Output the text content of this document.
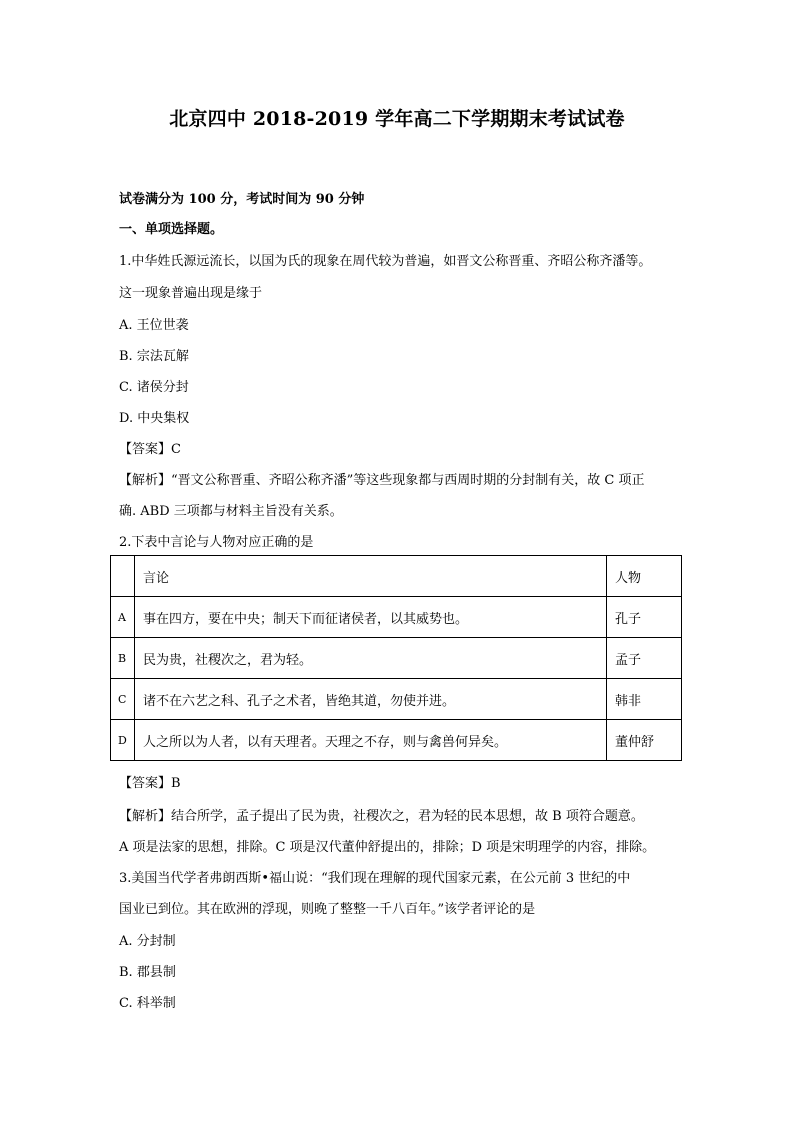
北京四中 2018-2019 学年高二下学期期末考试试卷
试卷满分为 100 分，考试时间为 90 分钟
一、单项选择题。
1.中华姓氏源远流长，以国为氏的现象在周代较为普遍，如晋文公称晋重、齐昭公称齐潘等。
这一现象普遍出现是缘于
A. 王位世袭
B. 宗法瓦解
C. 诸侯分封
D. 中央集权
【答案】C
【解析】“晋文公称晋重、齐昭公称齐潘”等这些现象都与西周时期的分封制有关，故 C 项正
确. ABD 三项都与材料主旨没有关系。
2.下表中言论与人物对应正确的是
	言论	人物
A	事在四方，要在中央；制天下而征诸侯者，以其威势也。	孔子
B	民为贵，社稷次之，君为轻。	孟子
C	诸不在六艺之科、孔子之术者，皆绝其道，勿使并进。	韩非
D	人之所以为人者，以有天理者。天理之不存，则与禽兽何异矣。	董仲舒
【答案】B
【解析】结合所学，孟子提出了民为贵，社稷次之，君为轻的民本思想，故 B 项符合题意。
A 项是法家的思想，排除。C 项是汉代董仲舒提出的，排除；D 项是宋明理学的内容，排除。
3.美国当代学者弗朗西斯•福山说：“我们现在理解的现代国家元素，在公元前 3 世纪的中
国业已到位。其在欧洲的浮现，则晚了整整一千八百年。”该学者评论的是
A. 分封制
B. 郡县制
C. 科举制
